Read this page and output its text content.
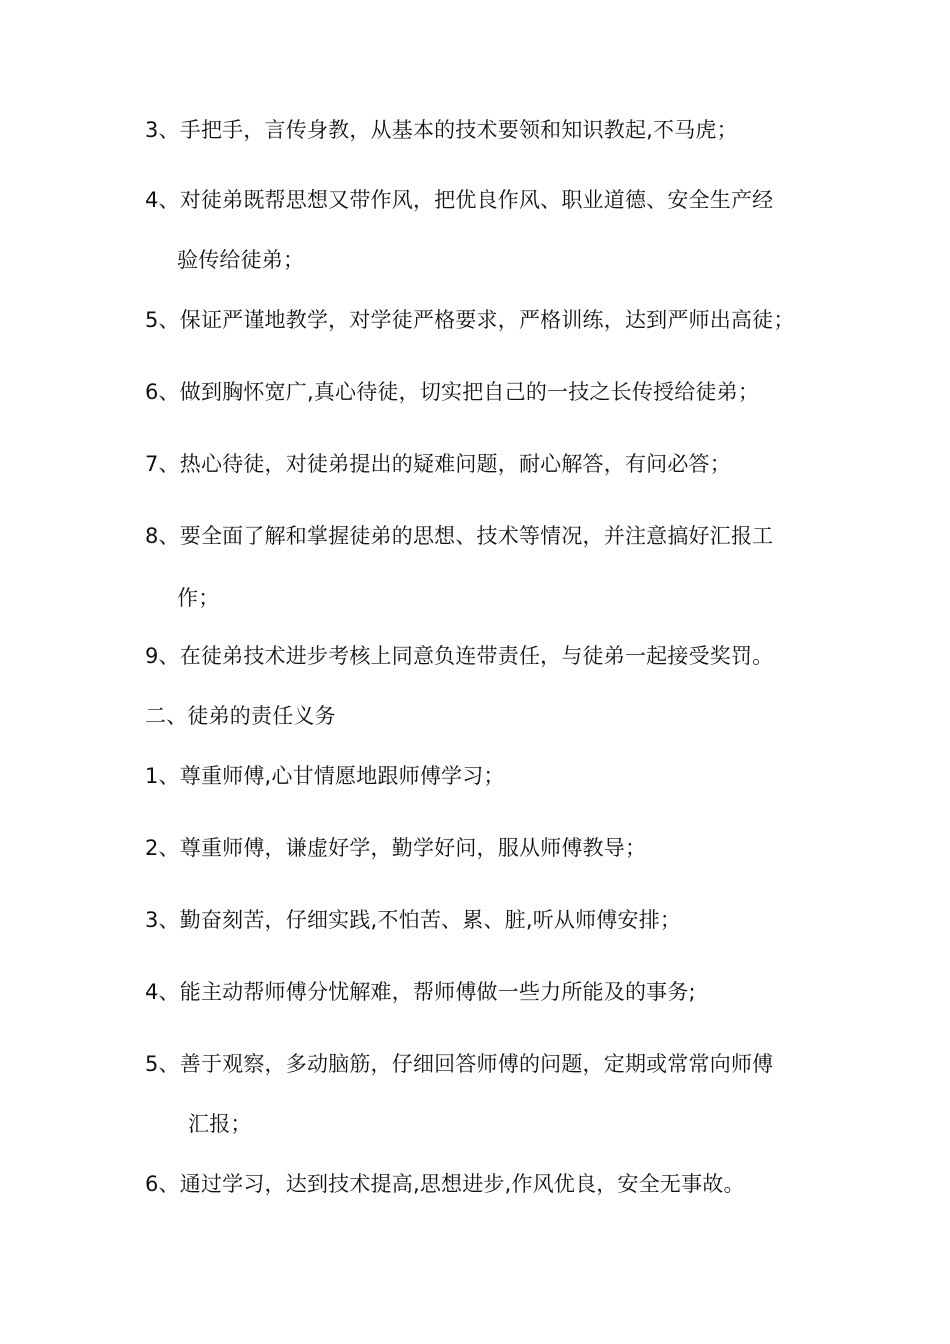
3、手把手，言传身教，从基本的技术要领和知识教起,不马虎；
4、对徒弟既帮思想又带作风，把优良作风、职业道德、安全生产经
验传给徒弟；
5、保证严谨地教学，对学徒严格要求，严格训练，达到严师出高徒；
6、做到胸怀宽广,真心待徒，切实把自己的一技之长传授给徒弟；
7、热心待徒，对徒弟提出的疑难问题，耐心解答，有问必答；
8、要全面了解和掌握徒弟的思想、技术等情况，并注意搞好汇报工
作；
9、在徒弟技术进步考核上同意负连带责任，与徒弟一起接受奖罚。
二、徒弟的责任义务
1、尊重师傅,心甘情愿地跟师傅学习；
2、尊重师傅，谦虚好学，勤学好问，服从师傅教导；
3、勤奋刻苦，仔细实践,不怕苦、累、脏,听从师傅安排；
4、能主动帮师傅分忧解难，帮师傅做一些力所能及的事务;
5、善于观察，多动脑筋，仔细回答师傅的问题，定期或常常向师傅
汇报；
6、通过学习，达到技术提高,思想进步,作风优良，安全无事故。
